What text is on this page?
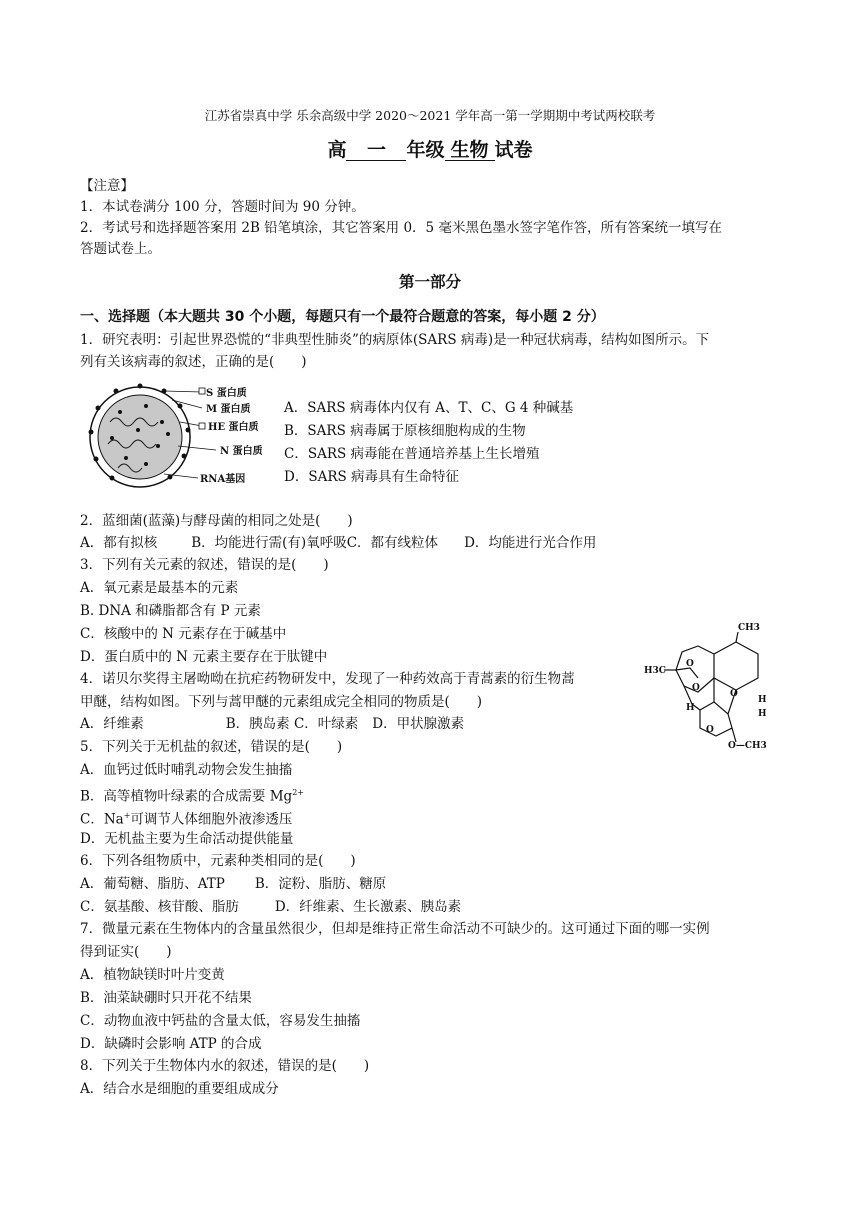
江苏省崇真中学 乐余高级中学 2020～2021 学年高一第一学期期中考试两校联考
高 一 年级 生物 试卷
【注意】
1．本试卷满分 100 分，答题时间为 90 分钟。
2．考试号和选择题答案用 2B 铅笔填涂，其它答案用 0．5 毫米黑色墨水签字笔作答，所有答案统一填写在
答题试卷上。
第一部分
一、选择题（本大题共 30 个小题，每题只有一个最符合题意的答案，每小题 2 分）
1．研究表明：引起世界恐慌的“非典型性肺炎”的病原体(SARS 病毒)是一种冠状病毒，结构如图所示。下
列有关该病毒的叙述，正确的是(　　)
S 蛋白质
M 蛋白质
HE 蛋白质
N 蛋白质
RNA基因
A．SARS 病毒体内仅有 A、T、C、G 4 种碱基
B．SARS 病毒属于原核细胞构成的生物
C．SARS 病毒能在普通培养基上生长增殖
D．SARS 病毒具有生命特征
2．蓝细菌(蓝藻)与酵母菌的相同之处是(　　)
A．都有拟核	B．均能进行需(有)氧呼吸C．都有线粒体 D．均能进行光合作用
3．下列有关元素的叙述，错误的是(　　)
A．氧元素是最基本的元素
B. DNA 和磷脂都含有 P 元素
C．核酸中的 N 元素存在于碱基中
D．蛋白质中的 N 元素主要存在于肽键中
CH3
H3C
O
O
O
H
H
H
O
O—CH3
4．诺贝尔奖得主屠呦呦在抗疟药物研发中，发现了一种药效高于青蒿素的衍生物蒿
甲醚，结构如图。下列与蒿甲醚的元素组成完全相同的物质是(　　)
A．纤维素	B．胰岛素 C．叶绿素 D．甲状腺激素
5．下列关于无机盐的叙述，错误的是(　　)
A．血钙过低时哺乳动物会发生抽搐
B．高等植物叶绿素的合成需要 $Mg^{2+}$
C．Na+可调节人体细胞外液渗透压
D．无机盐主要为生命活动提供能量
6．下列各组物质中，元素种类相同的是(　　)
A．葡萄糖、脂肪、ATP B．淀粉、脂肪、糖原
C．氨基酸、核苷酸、脂肪	D．纤维素、生长激素、胰岛素
7．微量元素在生物体内的含量虽然很少，但却是维持正常生命活动不可缺少的。这可通过下面的哪一实例
得到证实(　　)
A．植物缺镁时叶片变黄
B．油菜缺硼时只开花不结果
C．动物血液中钙盐的含量太低，容易发生抽搐
D．缺磷时会影响 ATP 的合成
8．下列关于生物体内水的叙述，错误的是(　　)
A．结合水是细胞的重要组成成分
